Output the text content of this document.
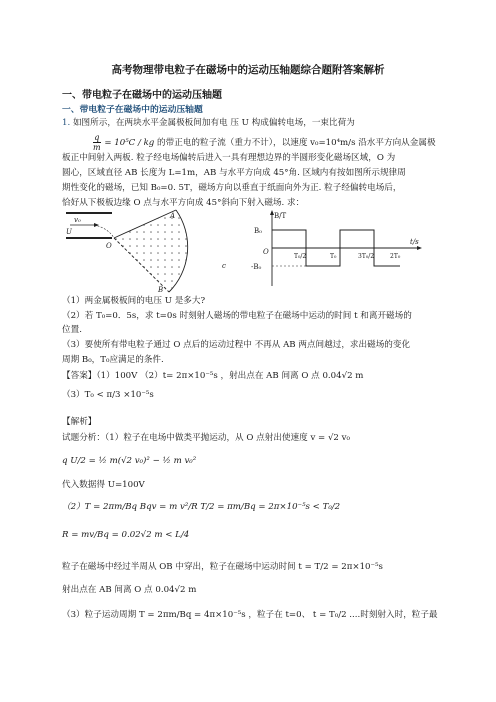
高考物理带电粒子在磁场中的运动压轴题综合题附答案解析
一、带电粒子在磁场中的运动压轴题
一、带电粒子在磁场中的运动压轴题
1. 如图所示，在两块水平金属极板间加有电 压 U 构成偏转电场，一束比荷为
$\frac{q}{m} = 10^5C$ / kg 的带正电的粒子流（重力不计），以速度 v₀=10⁴m/s 沿水平方向从金属极
板正中间射入两板. 粒子经电场偏转后进入一具有理想边界的半圆形变化磁场区域，O 为
圆心，区域直径 AB 长度为 L=1m，AB 与水平方向成 45°角. 区域内有按如图所示规律周
期性变化的磁场，已知 B₀=0. 5T，磁场方向以垂直于纸面向外为正. 粒子经偏转电场后，
恰好从下极板边缘 O 点与水平方向成 45°斜向下射入磁场. 求：
v₀
U
A
O
B
c
B/T
t/s
B₀
-B₀
O
T₀/2	T₀	3T₀/2	2T₀
（1）两金属极板间的电压 U 是多大?
（2）若 T₀=0．5s，求 t=0s 时刻射人磁场的带电粒子在磁场中运动的时间 t 和离开磁场的
位置.
（3）要使所有带电粒子通过 O 点后的运动过程中 不再从 AB 两点间越过，求出磁场的变化
周期 B₀，T₀应满足的条件.
【答案】（1）100V （2）t= 2π×10⁻⁵s ，射出点在 AB 间离 O 点 0.04√2 m
（3）T₀ < π/3 ×10⁻⁵s
【解析】
试题分析：（1）粒子在电场中做类平抛运动，从 O 点射出使速度 v = √2 v₀
q U/2 = ½ m(√2 v₀)² − ½ m v₀²
代入数据得 U=100V
（2）T = 2πm/Bq Bqv = m v²/R T/2 = πm/Bq = 2π×10⁻⁵s < T₀/2
R = mv/Bq = 0.02√2 m < L/4
粒子在磁场中经过半周从 OB 中穿出，粒子在磁场中运动时间 t = T/2 = 2π×10⁻⁵s
射出点在 AB 间离 O 点 0.04√2 m
（3）粒子运动周期 T = 2πm/Bq = 4π×10⁻⁵s ，粒子在 t=0、 t = T₀/2 ....时刻射入时，粒子最
